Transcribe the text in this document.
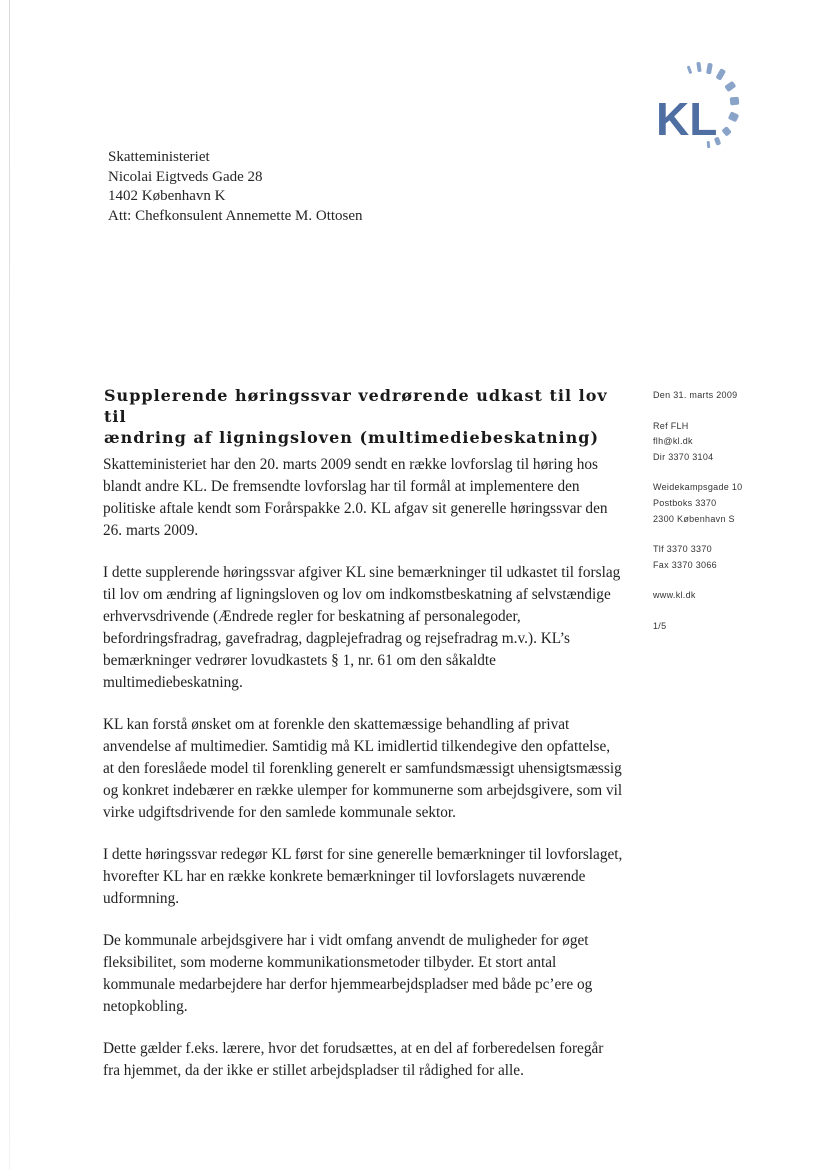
KL
Skatteministeriet
Nicolai Eigtveds Gade 28
1402 København K
Att: Chefkonsulent Annemette M. Ottosen
Supplerende høringssvar vedrørende udkast til lov til
ændring af ligningsloven (multimediebeskatning)

Skatteministeriet har den 20. marts 2009 sendt en række lovforslag til høring hos blandt andre KL. De fremsendte lovforslag har til formål at implementere den politiske aftale kendt som Forårspakke 2.0. KL afgav sit generelle høringssvar den 26. marts 2009.

I dette supplerende høringssvar afgiver KL sine bemærkninger til udkastet til forslag til lov om ændring af ligningsloven og lov om indkomstbeskatning af selvstændige erhvervsdrivende (Ændrede regler for beskatning af personalegoder, befordringsfradrag, gavefradrag, dagplejefradrag og rejsefradrag m.v.). KL’s bemærkninger vedrører lovudkastets § 1, nr. 61 om den såkaldte multimediebeskatning.

KL kan forstå ønsket om at forenkle den skattemæssige behandling af privat anvendelse af multimedier. Samtidig må KL imidlertid tilkendegive den opfattelse, at den foreslåede model til forenkling generelt er samfundsmæssigt uhensigtsmæssig og konkret indebærer en række ulemper for kommunerne som arbejdsgivere, som vil virke udgiftsdrivende for den samlede kommunale sektor.

I dette høringssvar redegør KL først for sine generelle bemærkninger til lovforslaget, hvorefter KL har en række konkrete bemærkninger til lovforslagets nuværende udformning.

De kommunale arbejdsgivere har i vidt omfang anvendt de muligheder for øget fleksibilitet, som moderne kommunikationsmetoder tilbyder. Et stort antal kommunale medarbejdere har derfor hjemmearbejdspladser med både pc’ere og netopkobling.

Dette gælder f.eks. lærere, hvor det forudsættes, at en del af forberedelsen foregår fra hjemmet, da der ikke er stillet arbejdspladser til rådighed for alle.

Den 31. marts 2009
Ref FLH
flh@kl.dk
Dir 3370 3104
Weidekampsgade 10
Postboks 3370
2300 København S
Tlf 3370 3370
Fax 3370 3066
www.kl.dk
1/5
